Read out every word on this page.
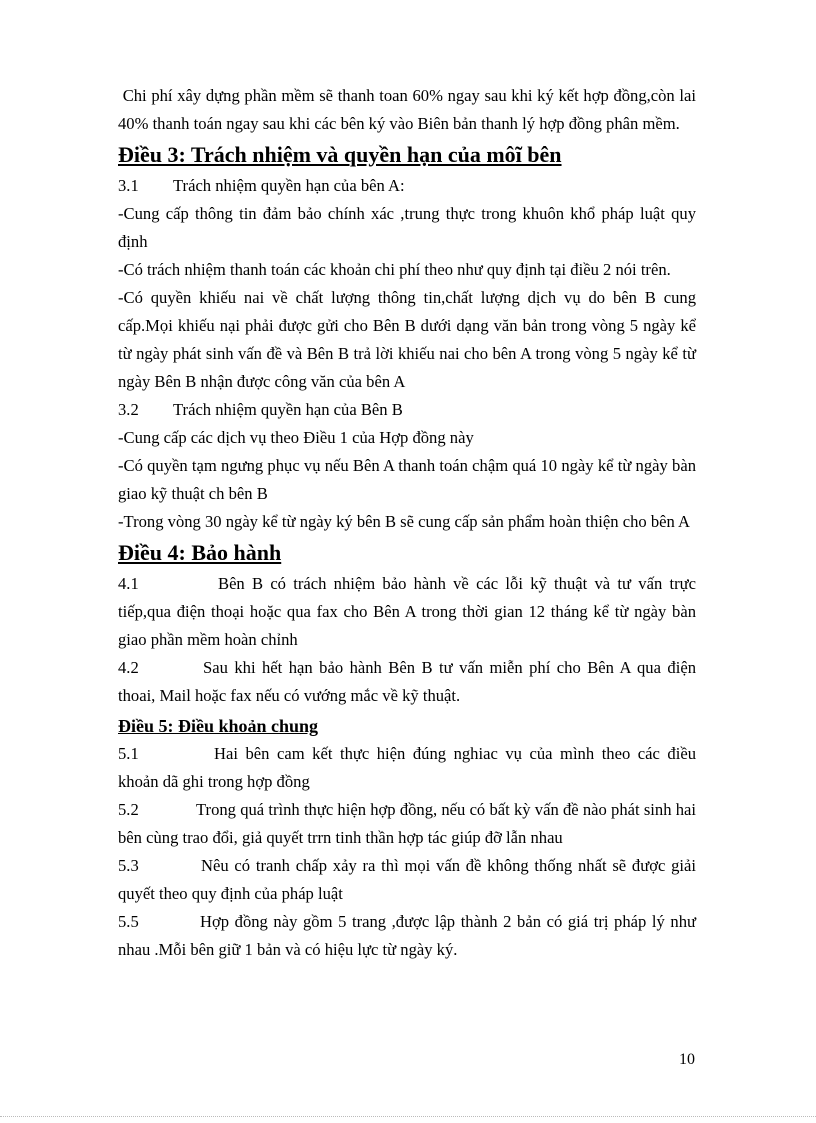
Chi phí xây dựng phần mềm sẽ thanh toan 60% ngay sau khi ký kết hợp đồng,còn lai 40% thanh toán ngay sau khi các bên ký vào Biên bản thanh lý hợp đồng phân mềm.

Điều 3: Trách nhiệm và quyền hạn của môĩ bên

3.1 Trách nhiệm quyền hạn của bên A:

-Cung cấp thông tin đảm bảo chính xác ,trung thực trong khuôn khổ pháp luật quy định

-Có trách nhiệm thanh toán các khoản chi phí theo như quy định tại điều 2 nói trên.

-Có quyền khiếu nai về chất lượng thông tin,chất lượng dịch vụ do bên B cung cấp.Mọi khiếu nại phải được gửi cho Bên B dưới dạng văn bản trong vòng 5 ngày kể từ ngày phát sinh vấn đề và Bên B trả lời khiếu nai cho bên A trong vòng 5 ngày kể từ ngày Bên B nhận được công văn của bên A

3.2 Trách nhiệm quyền hạn của Bên B

-Cung cấp các dịch vụ theo Điều 1 của Hợp đồng này

-Có quyền tạm ngưng phục vụ nếu Bên A thanh toán chậm quá 10 ngày kể từ ngày bàn giao kỹ thuật ch bên B

-Trong vòng 30 ngày kể từ ngày ký bên B sẽ cung cấp sản phẩm hoàn thiện cho bên A

Điều 4: Bảo hành

4.1	Bên B có trách nhiệm bảo hành về các lỗi kỹ thuật và tư vấn trực tiếp,qua điện thoại hoặc qua fax cho Bên A trong thời gian 12 tháng kể từ ngày bàn giao phần mềm hoàn chỉnh

4.2	Sau khi hết hạn bảo hành Bên B tư vấn miễn phí cho Bên A qua điện thoai, Mail hoặc fax nếu có vướng mắc về kỹ thuật.

Điều 5: Điều khoản chung

5.1	Hai bên cam kết thực hiện đúng nghiac vụ của mình theo các điều khoản dã ghi trong hợp đồng

5.2	Trong quá trình thực hiện hợp đồng, nếu có bất kỳ vấn đề nào phát sinh hai bên cùng trao đổi, giả quyết trrn tinh thần hợp tác giúp đỡ lẫn nhau

5.3	Nêu có tranh chấp xảy ra thì mọi vấn đề không thống nhất sẽ được giải quyết theo quy định của pháp luật

5.5	Hợp đồng này gồm 5 trang ,được lập thành 2 bản có giá trị pháp lý như nhau .Mỗi bên giữ 1 bản và có hiệu lực từ ngày ký.

10
